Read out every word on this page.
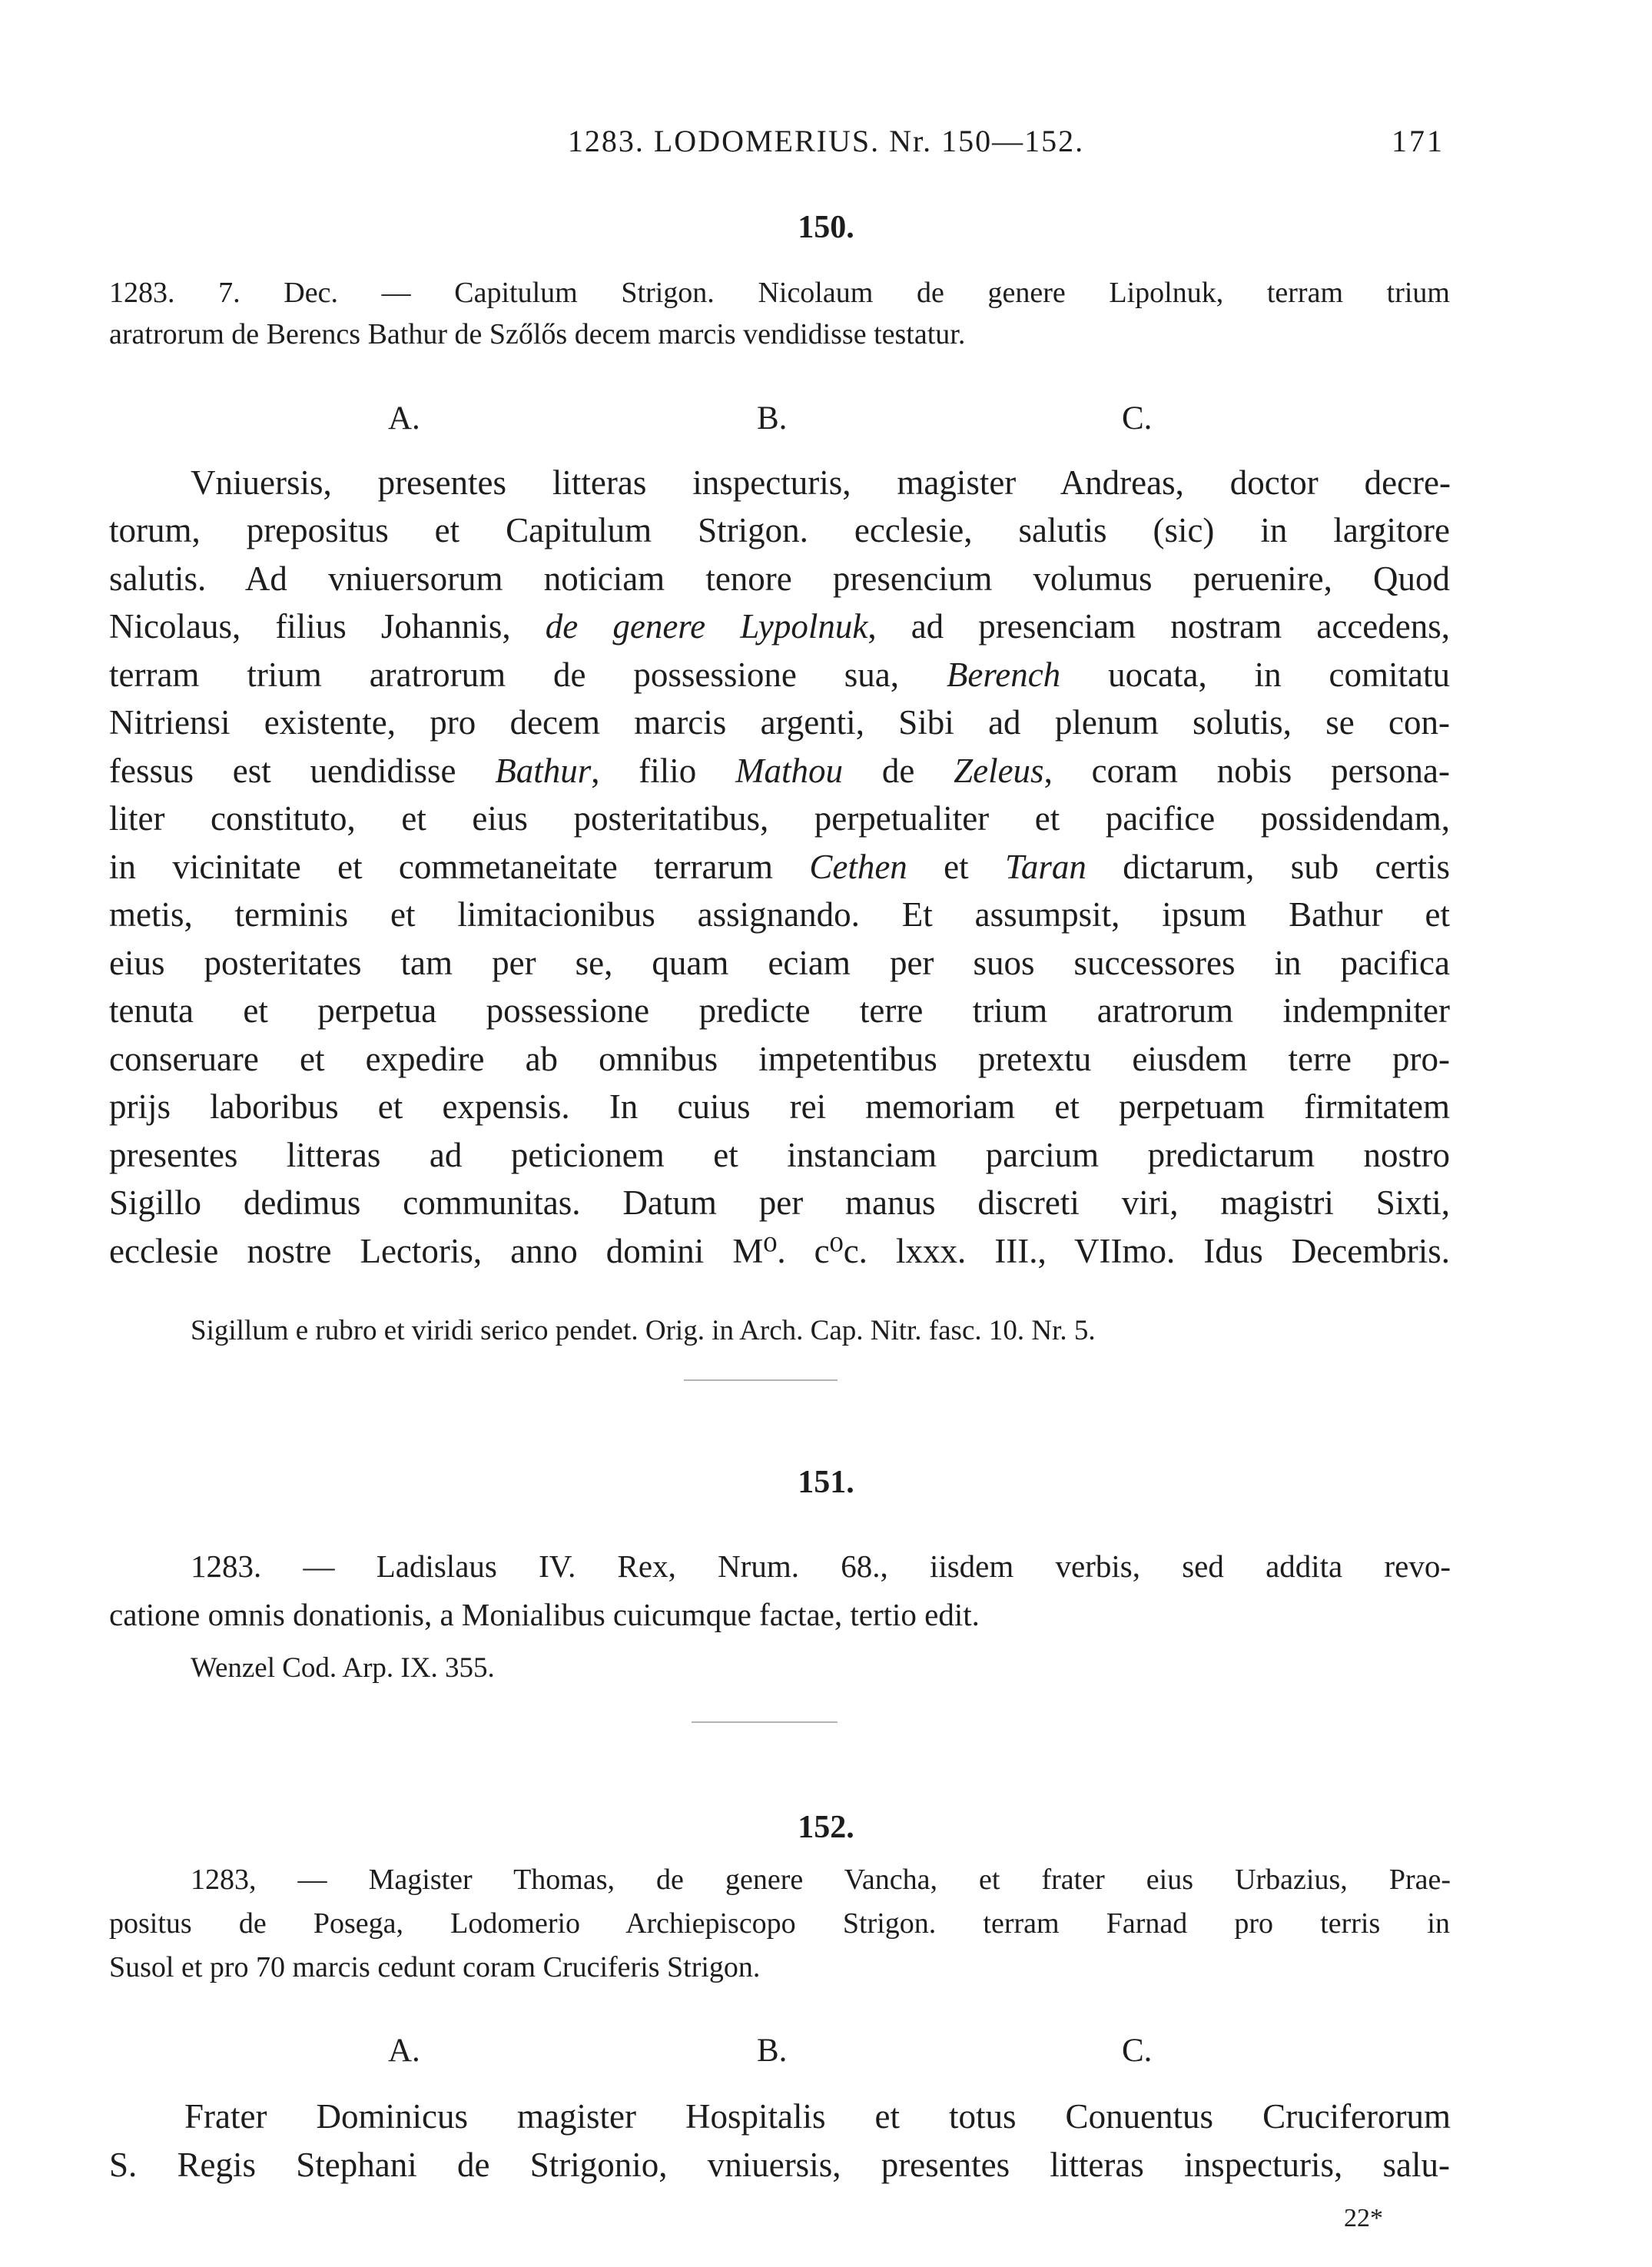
1283. LODOMERIUS. Nr. 150—152.	171
150.
1283. 7. Dec. — Capitulum Strigon. Nicolaum de genere Lipolnuk, terram trium
aratrorum de Berencs Bathur de Szőlős decem marcis vendidisse testatur.
A.	B.	C.
Vniuersis, presentes litteras inspecturis, magister Andreas, doctor decre-
torum, prepositus et Capitulum Strigon. ecclesie, salutis (sic) in largitore
salutis. Ad vniuersorum noticiam tenore presencium volumus peruenire, Quod
Nicolaus, filius Johannis, de genere Lypolnuk, ad presenciam nostram accedens,
terram trium aratrorum de possessione sua, Berench uocata, in comitatu
Nitriensi existente, pro decem marcis argenti, Sibi ad plenum solutis, se con-
fessus est uendidisse Bathur, filio Mathou de Zeleus, coram nobis persona-
liter constituto, et eius posteritatibus, perpetualiter et pacifice possidendam,
in vicinitate et commetaneitate terrarum Cethen et Taran dictarum, sub certis
metis, terminis et limitacionibus assignando. Et assumpsit, ipsum Bathur et
eius posteritates tam per se, quam eciam per suos successores in pacifica
tenuta et perpetua possessione predicte terre trium aratrorum indempniter
conseruare et expedire ab omnibus impetentibus pretextu eiusdem terre pro-
prijs laboribus et expensis. In cuius rei memoriam et perpetuam firmitatem
presentes litteras ad peticionem et instanciam parcium predictarum nostro
Sigillo dedimus communitas. Datum per manus discreti viri, magistri Sixti,
ecclesie nostre Lectoris, anno domini M⁰. c⁰c. lxxx. III., VIImo. Idus Decembris.
Sigillum e rubro et viridi serico pendet. Orig. in Arch. Cap. Nitr. fasc. 10. Nr. 5.
151.
1283. — Ladislaus IV. Rex, Nrum. 68., iisdem verbis, sed addita revo-
catione omnis donationis, a Monialibus cuicumque factae, tertio edit.
Wenzel Cod. Arp. IX. 355.
152.
1283, — Magister Thomas, de genere Vancha, et frater eius Urbazius, Prae-
positus de Posega, Lodomerio Archiepiscopo Strigon. terram Farnad pro terris in
Susol et pro 70 marcis cedunt coram Cruciferis Strigon.
A.	B.	C.
Frater Dominicus magister Hospitalis et totus Conuentus Cruciferorum
S. Regis Stephani de Strigonio, vniuersis, presentes litteras inspecturis, salu-
22*
